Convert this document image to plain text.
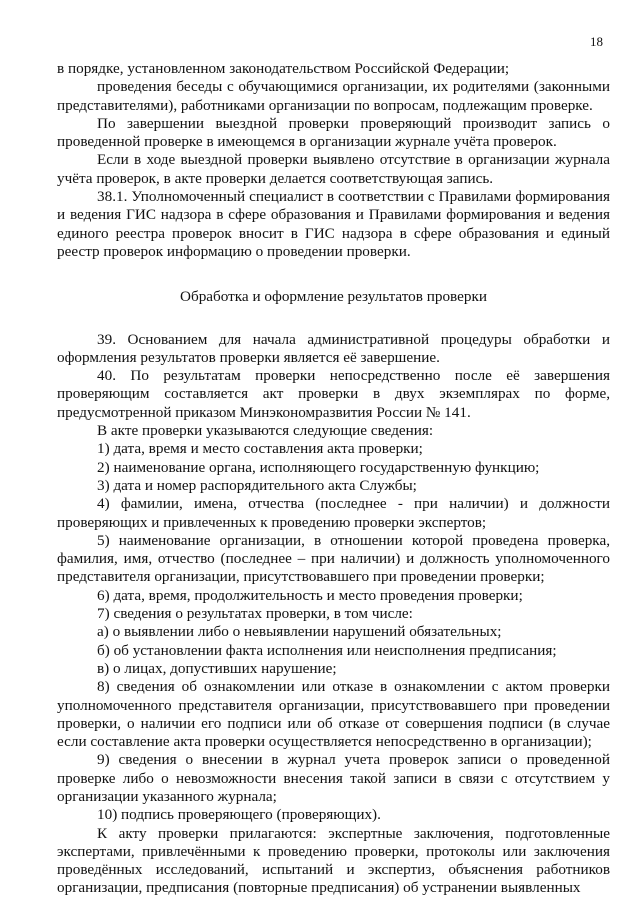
18

в порядке, установленном законодательством Российской Федерации;

проведения беседы с обучающимися организации, их родителями (законными представителями), работниками организации по вопросам, подлежащим проверке.

По завершении выездной проверки проверяющий производит запись о проведенной проверке в имеющемся в организации журнале учёта проверок.

Если в ходе выездной проверки выявлено отсутствие в организации журнала учёта проверок, в акте проверки делается соответствующая запись.

38.1. Уполномоченный специалист в соответствии с Правилами формирования и ведения ГИС надзора в сфере образования и Правилами формирования и ведения единого реестра проверок вносит в ГИС надзора в сфере образования и единый реестр проверок информацию о проведении проверки.

Обработка и оформление результатов проверки

39. Основанием для начала административной процедуры обработки и оформления результатов проверки является её завершение.

40. По результатам проверки непосредственно после её завершения проверяющим составляется акт проверки в двух экземплярах по форме, предусмотренной приказом Минэкономразвития России № 141.

В акте проверки указываются следующие сведения:

1) дата, время и место составления акта проверки;

2) наименование органа, исполняющего государственную функцию;

3) дата и номер распорядительного акта Службы;

4) фамилии, имена, отчества (последнее - при наличии) и должности проверяющих и привлеченных к проведению проверки экспертов;

5) наименование организации, в отношении которой проведена проверка, фамилия, имя, отчество (последнее – при наличии) и должность уполномоченного представителя организации, присутствовавшего при проведении проверки;

6) дата, время, продолжительность и место проведения проверки;

7) сведения о результатах проверки, в том числе:

а) о выявлении либо о невыявлении нарушений обязательных;

б) об установлении факта исполнения или неисполнения предписания;

в) о лицах, допустивших нарушение;

8) сведения об ознакомлении или отказе в ознакомлении с актом проверки уполномоченного представителя организации, присутствовавшего при проведении проверки, о наличии его подписи или об отказе от совершения подписи (в случае если составление акта проверки осуществляется непосредственно в организации);

9) сведения о внесении в журнал учета проверок записи о проведенной проверке либо о невозможности внесения такой записи в связи с отсутствием у организации указанного журнала;

10) подпись проверяющего (проверяющих).

К акту проверки прилагаются: экспертные заключения, подготовленные экспертами, привлечёнными к проведению проверки, протоколы или заключения проведённых исследований, испытаний и экспертиз, объяснения работников организации, предписания (повторные предписания) об устранении выявленных
